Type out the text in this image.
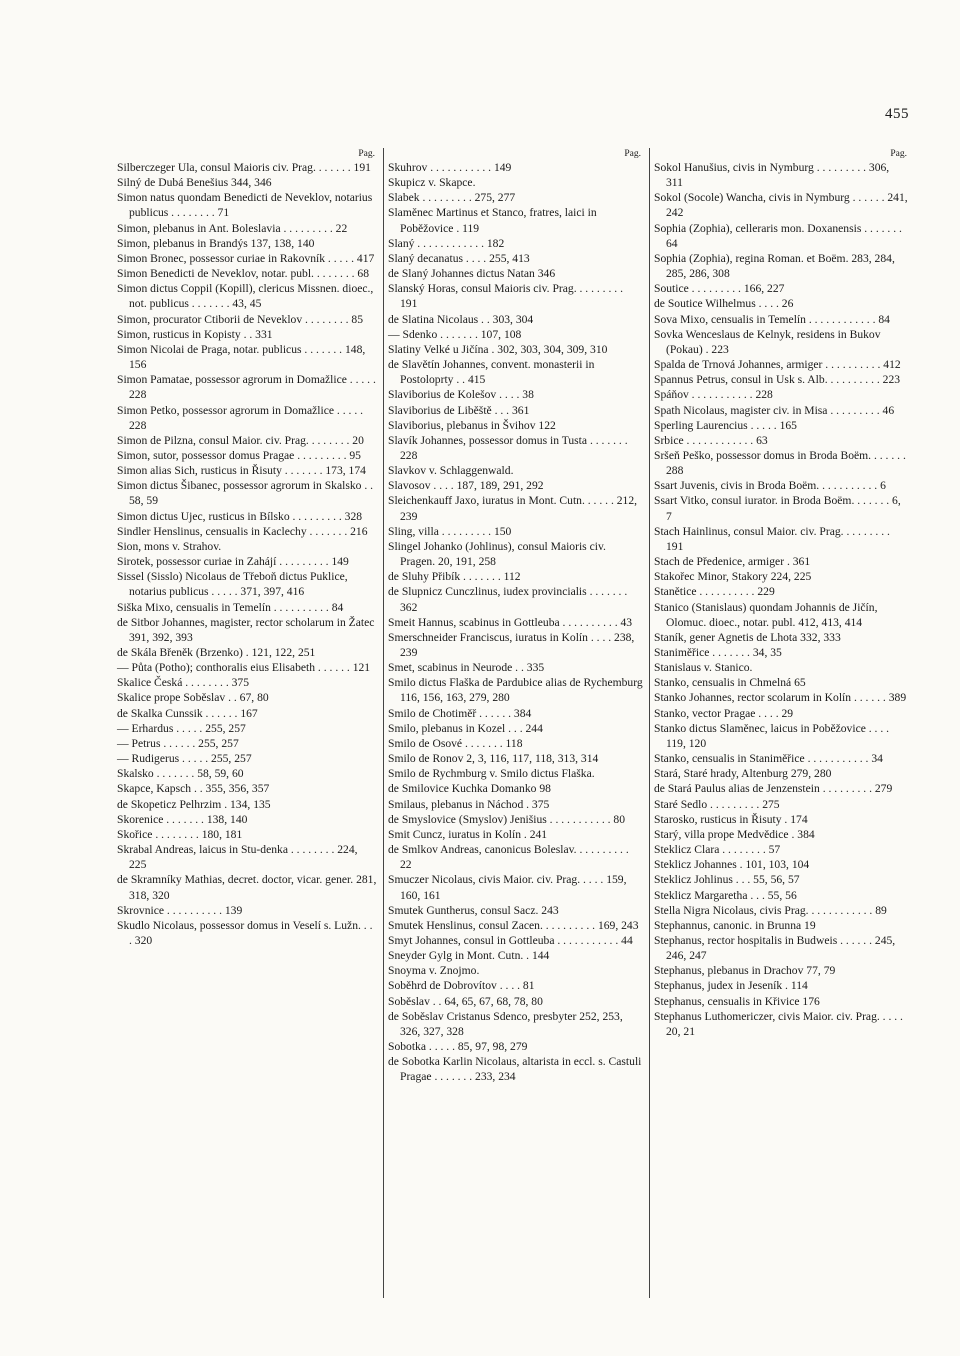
455
Pag.
Silberczeger Ula, consul Maioris civ. Prag. . . . . . . 191
Silný de Dubá Benešius 344, 346
Simon natus quondam Benedicti de Neveklov, notarius publicus . . . . . . . . 71
Simon, plebanus in Ant. Boleslavia . . . . . . . . . 22
Simon, plebanus in Brandýs 137, 138, 140
Simon Bronec, possessor curiae in Rakovník . . . . . 417
Simon Benedicti de Neveklov, notar. publ. . . . . . . . 68
Simon dictus Coppil (Kopill), clericus Missnen. dioec., not. publicus . . . . . . . 43, 45
Simon, procurator Ctiborii de Neveklov . . . . . . . . 85
Simon, rusticus in Kopisty . . 331
Simon Nicolai de Praga, notar. publicus . . . . . . . 148, 156
Simon Pamatae, possessor agrorum in Domažlice . . . . . 228
Simon Petko, possessor agrorum in Domažlice . . . . . 228
Simon de Pilzna, consul Maior. civ. Prag. . . . . . . . 20
Simon, sutor, possessor domus Pragae . . . . . . . . . 95
Simon alias Sich, rusticus in Řisuty . . . . . . . 173, 174
Simon dictus Šibanec, possessor agrorum in Skalsko . . 58, 59
Simon dictus Ujec, rusticus in Bílsko . . . . . . . . . 328
Sindler Henslinus, censualis in Kaclechy . . . . . . . 216
Sion, mons v. Strahov.
Sirotek, possessor curiae in Zahájí . . . . . . . . . 149
Sissel (Sisslo) Nicolaus de Třeboň dictus Puklice, notarius publicus . . . . . 371, 397, 416
Siška Mixo, censualis in Temelín . . . . . . . . . . 84
de Sitbor Johannes, magister, rector scholarum in Žatec 391, 392, 393
de Skála Břeněk (Brzenko) . 121, 122, 251
— Půta (Potho); conthoralis eius Elisabeth . . . . . . 121
Skalice Česká . . . . . . . . 375
Skalice prope Soběslav . . 67, 80
de Skalka Cunssik . . . . . . 167
— Erhardus . . . . . 255, 257
— Petrus . . . . . . 255, 257
— Rudigerus . . . . . 255, 257
Skalsko . . . . . . . 58, 59, 60
Skapce, Kapsch . . 355, 356, 357
de Skopeticz Pelhrzim . 134, 135
Skorenice . . . . . . . 138, 140
Skořice . . . . . . . . 180, 181
Skrabal Andreas, laicus in Stu-denka . . . . . . . . 224, 225
de Skramníky Mathias, decret. doctor, vicar. gener. 281, 318, 320
Skrovnice . . . . . . . . . . 139
Skudlo Nicolaus, possessor domus in Veselí s. Lužn. . . . 320
Pag.
Skuhrov . . . . . . . . . . . 149
Skupicz v. Skapce.
Slabek . . . . . . . . . 275, 277
Slaměnec Martinus et Stanco, fratres, laici in Poběžovice . 119
Slaný . . . . . . . . . . . . 182
Slaný decanatus . . . . 255, 413
de Slaný Johannes dictus Natan 346
Slanský Horas, consul Maioris civ. Prag. . . . . . . . . 191
de Slatina Nicolaus . . 303, 304
— Sdenko . . . . . . . 107, 108
Slatiny Velké u Jičína . 302, 303, 304, 309, 310
de Slavětín Johannes, convent. monasterii in Postoloprty . . 415
Slaviborius de Kolešov . . . . 38
Slaviborius de Liběště . . . 361
Slaviborius, plebanus in Švihov 122
Slavík Johannes, possessor domus in Tusta . . . . . . . 228
Slavkov v. Schlaggenwald.
Slavosov . . . . 187, 189, 291, 292
Sleichenkauff Jaxo, iuratus in Mont. Cutn. . . . . . 212, 239
Sling, villa . . . . . . . . . 150
Slingel Johanko (Johlinus), consul Maioris civ. Pragen. 20, 191, 258
de Sluhy Přibík . . . . . . . 112
de Slupnicz Cunczlinus, iudex provincialis . . . . . . . 362
Smeit Hannus, scabinus in Gottleuba . . . . . . . . . . 43
Smerschneider Franciscus, iuratus in Kolín . . . . 238, 239
Smet, scabinus in Neurode . . 335
Smilo dictus Flaška de Pardubice alias de Rychemburg 116, 156, 163, 279, 280
Smilo de Chotiměř . . . . . . 384
Smilo, plebanus in Kozel . . . 244
Smilo de Osové . . . . . . . 118
Smilo de Ronov 2, 3, 116, 117, 118, 313, 314
Smilo de Rychmburg v. Smilo dictus Flaška.
de Smilovice Kuchka Domanko 98
Smilaus, plebanus in Náchod . 375
de Smyslovice (Smyslov) Jenišius . . . . . . . . . . . 80
Smit Cuncz, iuratus in Kolín . 241
de Smlkov Andreas, canonicus Boleslav. . . . . . . . . . 22
Smuczer Nicolaus, civis Maior. civ. Prag. . . . . 159, 160, 161
Smutek Guntherus, consul Sacz. 243
Smutek Henslinus, consul Zacen. . . . . . . . . . 169, 243
Smyt Johannes, consul in Gottleuba . . . . . . . . . . . 44
Sneyder Gylg in Mont. Cutn. . 144
Snoyma v. Znojmo.
Soběhrd de Dobrovítov . . . . 81
Soběslav . . 64, 65, 67, 68, 78, 80
de Soběslav Cristanus Sdenco, presbyter 252, 253, 326, 327, 328
Sobotka . . . . . 85, 97, 98, 279
de Sobotka Karlin Nicolaus, altarista in eccl. s. Castuli Pragae . . . . . . . 233, 234
Pag.
Sokol Hanušius, civis in Nymburg . . . . . . . . . 306, 311
Sokol (Socole) Wancha, civis in Nymburg . . . . . . 241, 242
Sophia (Zophia), celleraris mon. Doxanensis . . . . . . . 64
Sophia (Zophia), regina Roman. et Boëm. 283, 284, 285, 286, 308
Soutice . . . . . . . . . 166, 227
de Soutice Wilhelmus . . . . 26
Sova Mixo, censualis in Temelín . . . . . . . . . . . . 84
Sovka Wenceslaus de Kelnyk, residens in Bukov (Pokau) . 223
Spalda de Trnová Johannes, armiger . . . . . . . . . . 412
Spannus Petrus, consul in Usk s. Alb. . . . . . . . . . 223
Spáňov . . . . . . . . . . . 228
Spath Nicolaus, magister civ. in Misa . . . . . . . . . 46
Sperling Laurencius . . . . . 165
Srbice . . . . . . . . . . . . 63
Sršeň Peško, possessor domus in Broda Boëm. . . . . . . 288
Ssart Juvenis, civis in Broda Boëm. . . . . . . . . . . 6
Ssart Vitko, consul iurator. in Broda Boëm. . . . . . . 6, 7
Stach Hainlinus, consul Maior. civ. Prag. . . . . . . . . 191
Stach de Předenice, armiger . 361
Stakořec Minor, Stakory 224, 225
Stanětice . . . . . . . . . . 229
Stanico (Stanislaus) quondam Johannis de Jičín, Olomuc. dioec., notar. publ. 412, 413, 414
Staník, gener Agnetis de Lhota 332, 333
Staniměřice . . . . . . . 34, 35
Stanislaus v. Stanico.
Stanko, censualis in Chmelná 65
Stanko Johannes, rector scolarum in Kolín . . . . . . 389
Stanko, vector Pragae . . . . 29
Stanko dictus Slaměnec, laicus in Poběžovice . . . . 119, 120
Stanko, censualis in Staniměřice . . . . . . . . . . . 34
Stará, Staré hrady, Altenburg 279, 280
de Stará Paulus alias de Jenzenstein . . . . . . . . . 279
Staré Sedlo . . . . . . . . . 275
Starosko, rusticus in Řisuty . 174
Starý, villa prope Medvědice . 384
Steklicz Clara . . . . . . . . 57
Steklicz Johannes . 101, 103, 104
Steklicz Johlinus . . . 55, 56, 57
Steklicz Margaretha . . . 55, 56
Stella Nigra Nicolaus, civis Prag. . . . . . . . . . . . 89
Stephannus, canonic. in Brunna 19
Stephanus, rector hospitalis in Budweis . . . . . . 245, 246, 247
Stephanus, plebanus in Drachov 77, 79
Stephanus, judex in Jeseník . 114
Stephanus, censualis in Křivice 176
Stephanus Luthomericzer, civis Maior. civ. Prag. . . . . 20, 21
